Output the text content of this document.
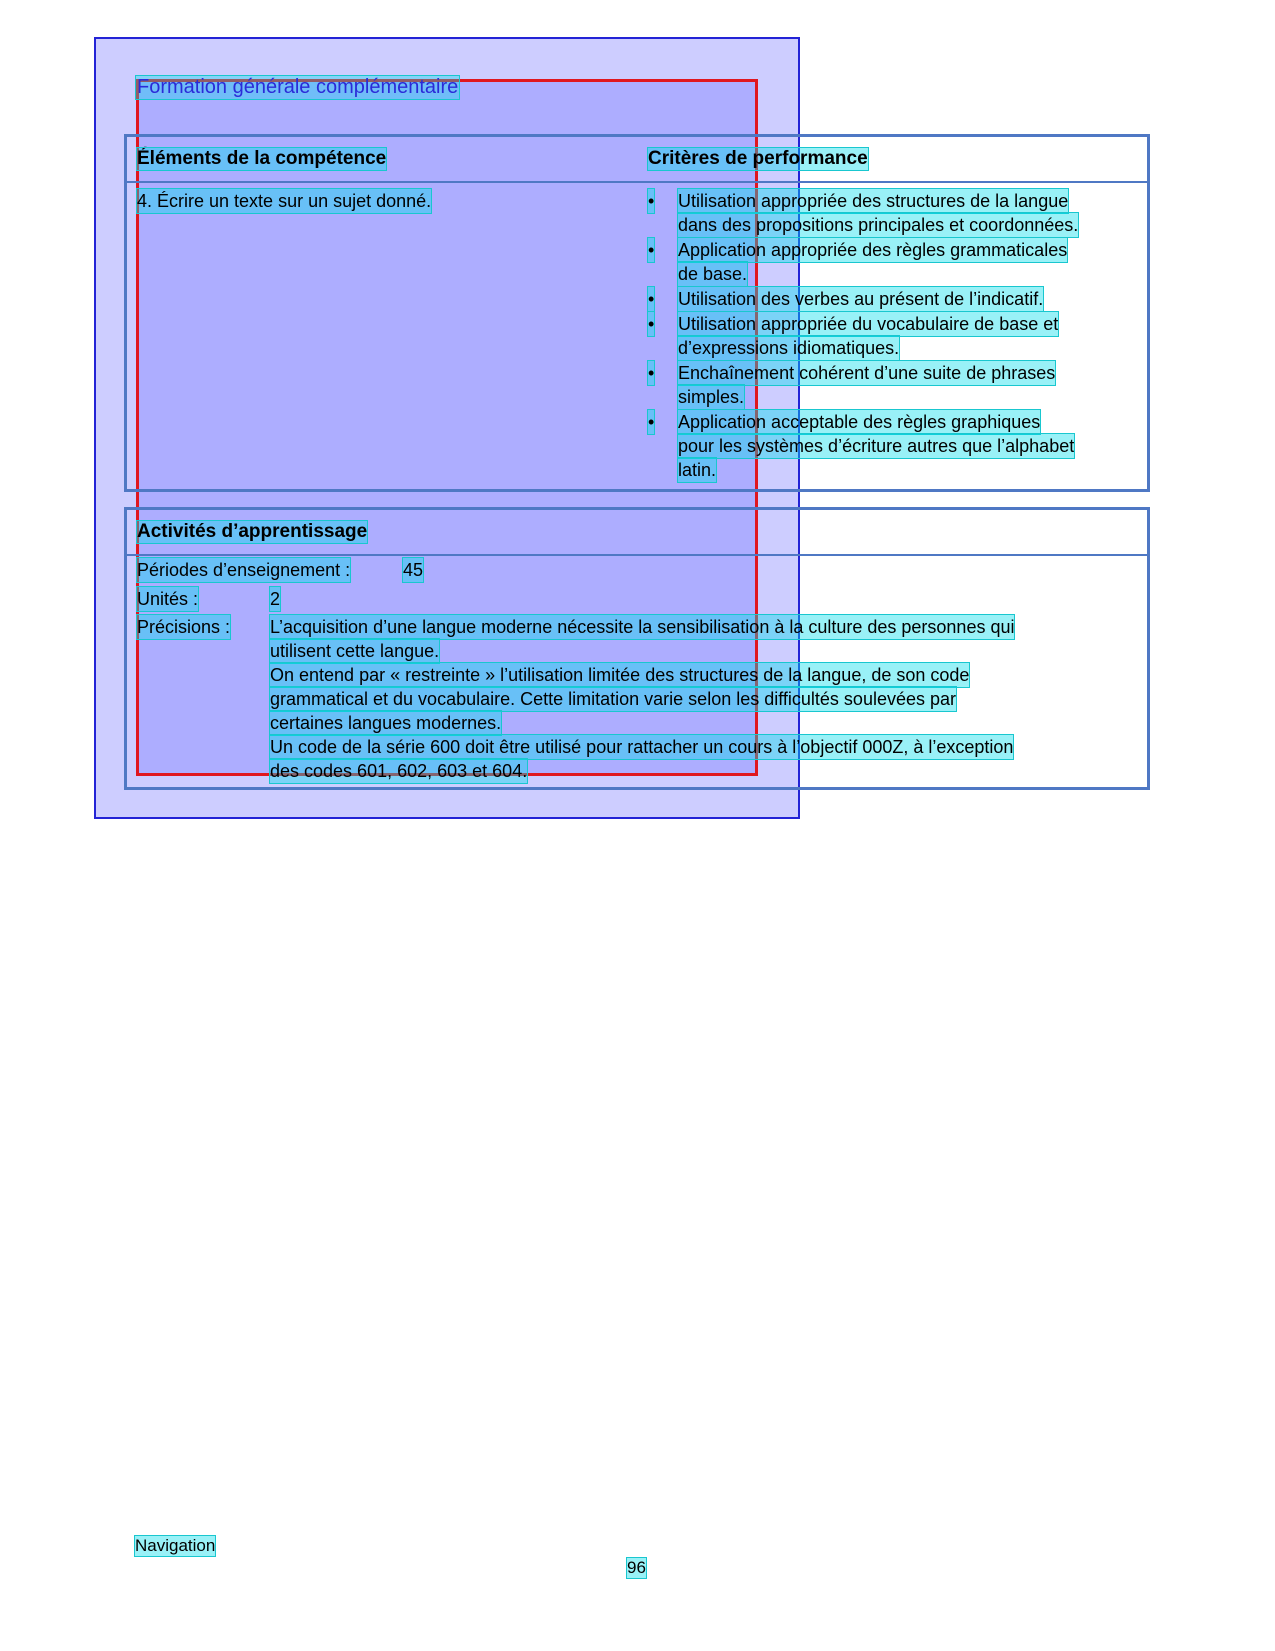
Formation générale complémentaire
Éléments de la compétence	Critères de performance
4. Écrire un texte sur un sujet donné.	• Utilisation appropriée des structures de la langue
dans des propositions principales et coordonnées.
• Application appropriée des règles grammaticales
de base.
• Utilisation des verbes au présent de l’indicatif.
• Utilisation appropriée du vocabulaire de base et
d’expressions idiomatiques.
• Enchaînement cohérent d’une suite de phrases
simples.
• Application acceptable des règles graphiques
pour les systèmes d’écriture autres que l’alphabet
latin.
Activités d’apprentissage
Périodes d’enseignement :	45
Unités :	2
Précisions : L’acquisition d’une langue moderne nécessite la sensibilisation à la culture des personnes qui
utilisent cette langue.
On entend par « restreinte » l’utilisation limitée des structures de la langue, de son code
grammatical et du vocabulaire. Cette limitation varie selon les difficultés soulevées par
certaines langues modernes.
Un code de la série 600 doit être utilisé pour rattacher un cours à l’objectif 000Z, à l’exception
des codes 601, 602, 603 et 604.
Navigation
96
